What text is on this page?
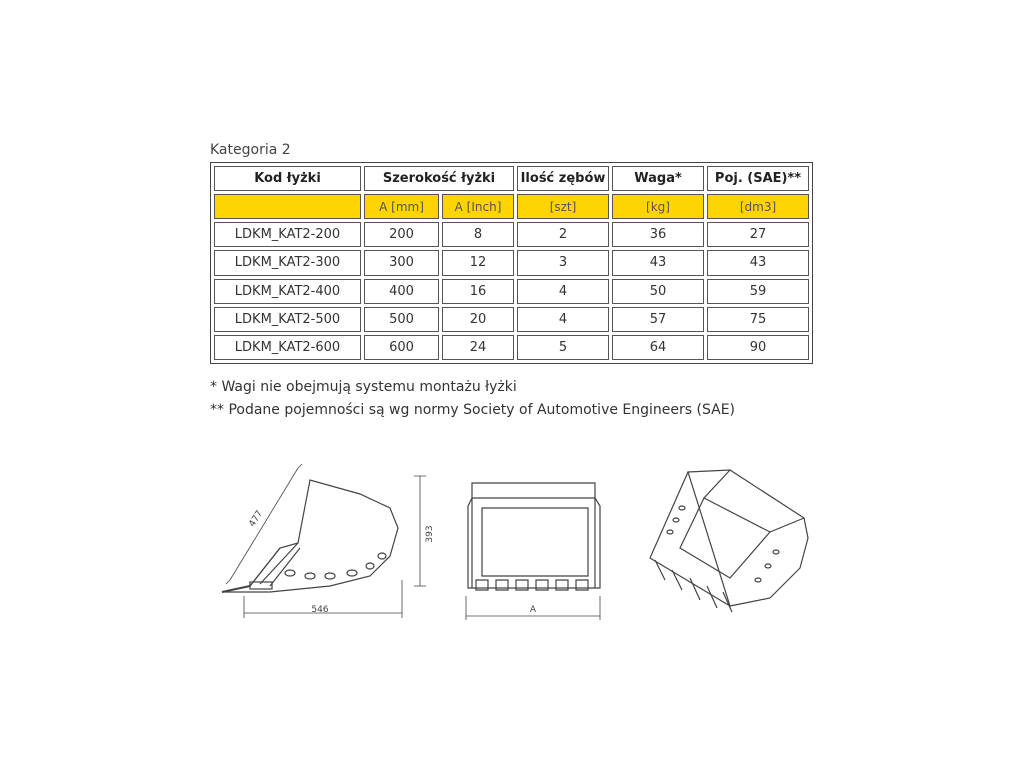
Kategoria 2
Kod łyżki	Szerokość łyżki		Ilość zębów	Waga*	Poj. (SAE)**
	A [mm]	A [Inch]	[szt]	[kg]	[dm3]
LDKM_KAT2-200	200	8	2	36	27
LDKM_KAT2-300	300	12	3	43	43
LDKM_KAT2-400	400	16	4	50	59
LDKM_KAT2-500	500	20	4	57	75
LDKM_KAT2-600	600	24	5	64	90
* Wagi nie obejmują systemu montażu łyżki
** Podane pojemności są wg normy Society of Automotive Engineers (SAE)
477
393
546	A
